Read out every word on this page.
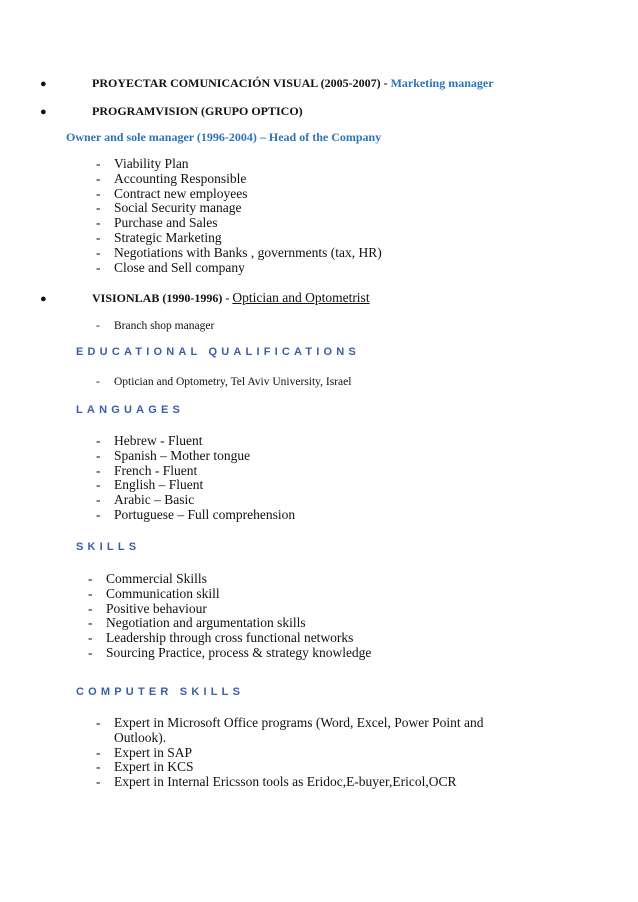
●	PROYECTAR COMUNICACIÓN VISUAL (2005-2007) - Marketing manager
●	PROGRAMVISION (GRUPO OPTICO)
Owner and sole manager (1996-2004) – Head of the Company
- Viability Plan
- Accounting Responsible
- Contract new employees
- Social Security manage
- Purchase and Sales
- Strategic Marketing
- Negotiations with Banks , governments (tax, HR)
- Close and Sell company
●	VISIONLAB (1990-1996) - Optician and Optometrist
- Branch shop manager
EDUCATIONAL QUALIFICATIONS
- Optician and Optometry, Tel Aviv University, Israel
LANGUAGES
- Hebrew - Fluent
- Spanish – Mother tongue
- French - Fluent
- English – Fluent
- Arabic – Basic
- Portuguese – Full comprehension
SKILLS
- Commercial Skills
- Communication skill
- Positive behaviour
- Negotiation and argumentation skills
- Leadership through cross functional networks
- Sourcing Practice, process & strategy knowledge
COMPUTER SKILLS
- Expert in Microsoft Office programs (Word, Excel, Power Point and
Outlook).
- Expert in SAP
- Expert in KCS
- Expert in Internal Ericsson tools as Eridoc,E-buyer,Ericol,OCR
